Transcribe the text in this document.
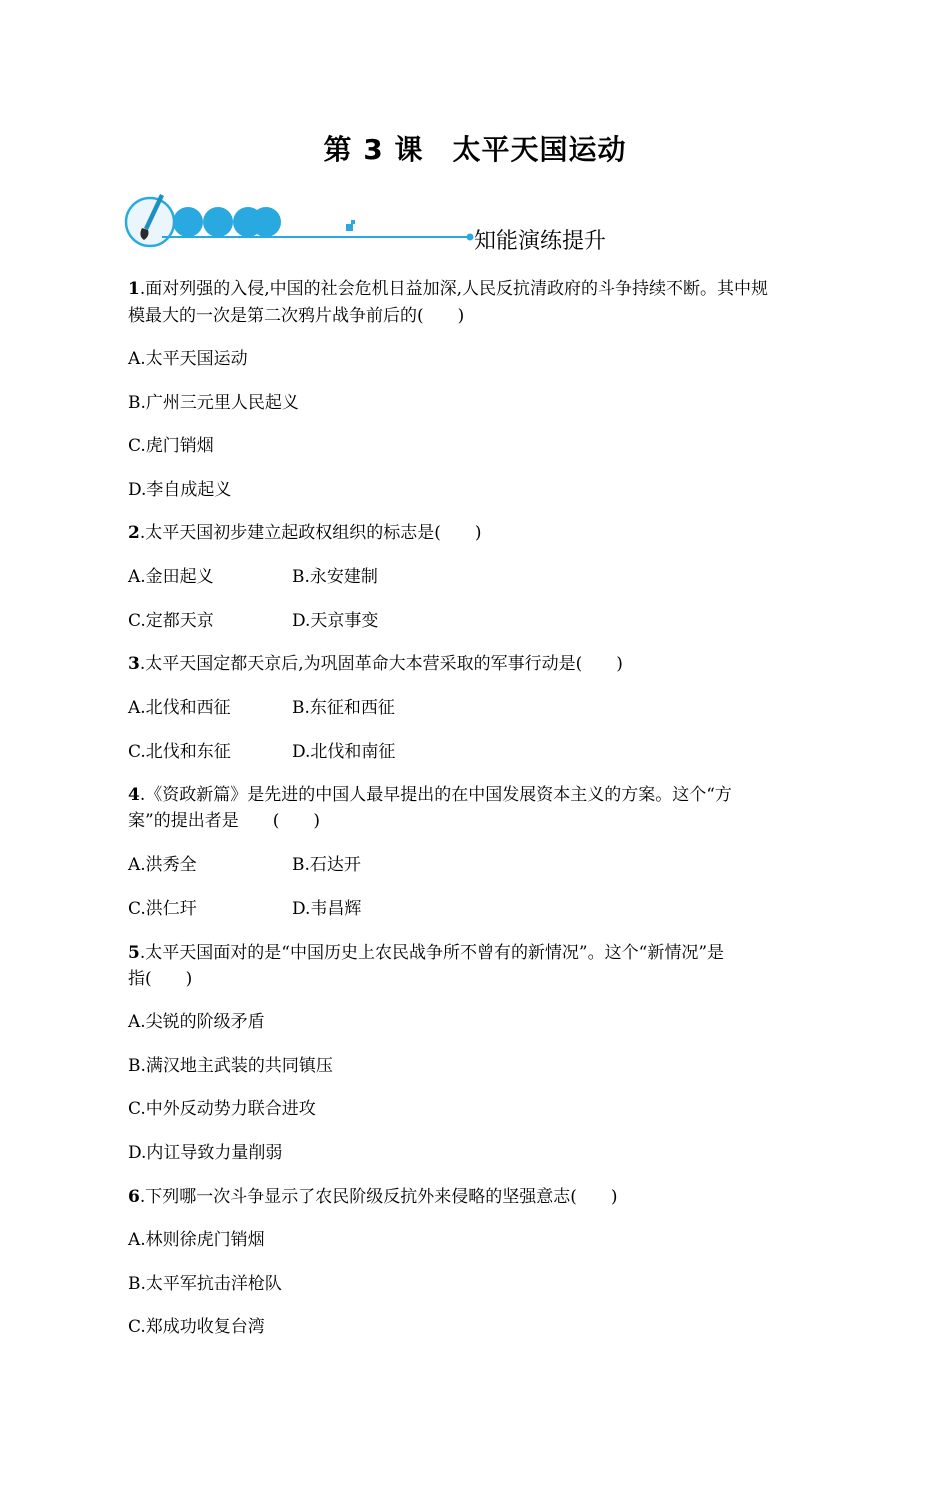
第 3 课　太平天国运动
知能演练提升
1.面对列强的入侵,中国的社会危机日益加深,人民反抗清政府的斗争持续不断。其中规
模最大的一次是第二次鸦片战争前后的(　　)
A.太平天国运动
B.广州三元里人民起义
C.虎门销烟
D.李自成起义
2.太平天国初步建立起政权组织的标志是(　　)
A.金田起义	B.永安建制
C.定都天京	D.天京事变
3.太平天国定都天京后,为巩固革命大本营采取的军事行动是(　　)
A.北伐和西征	B.东征和西征
C.北伐和东征	D.北伐和南征
4.《资政新篇》是先进的中国人最早提出的在中国发展资本主义的方案。这个“方
案”的提出者是　　(　　)
A.洪秀全	B.石达开
C.洪仁玕	D.韦昌辉
5.太平天国面对的是“中国历史上农民战争所不曾有的新情况”。这个“新情况”是
指(　　)
A.尖锐的阶级矛盾
B.满汉地主武装的共同镇压
C.中外反动势力联合进攻
D.内讧导致力量削弱
6.下列哪一次斗争显示了农民阶级反抗外来侵略的坚强意志(　　)
A.林则徐虎门销烟
B.太平军抗击洋枪队
C.郑成功收复台湾
